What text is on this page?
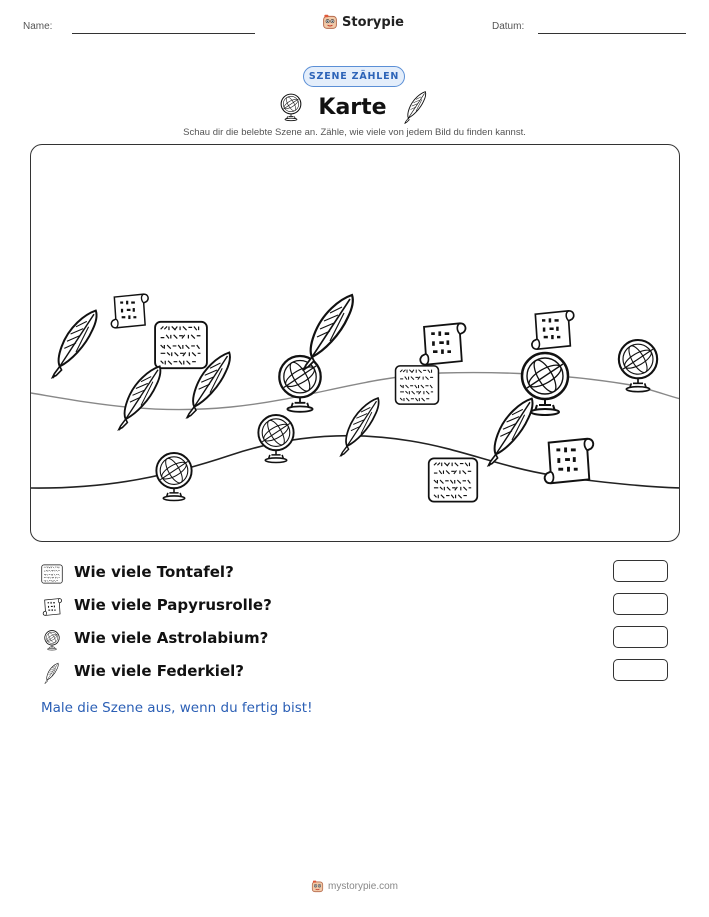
Name:	Storypie	Datum:
SZENE ZÄHLEN
Karte
Schau dir die belebte Szene an. Zähle, wie viele von jedem Bild du finden kannst.
Wie viele Tontafel?
Wie viele Papyrusrolle?
Wie viele Astrolabium?
Wie viele Federkiel?
Male die Szene aus, wenn du fertig bist!
mystorypie.com
